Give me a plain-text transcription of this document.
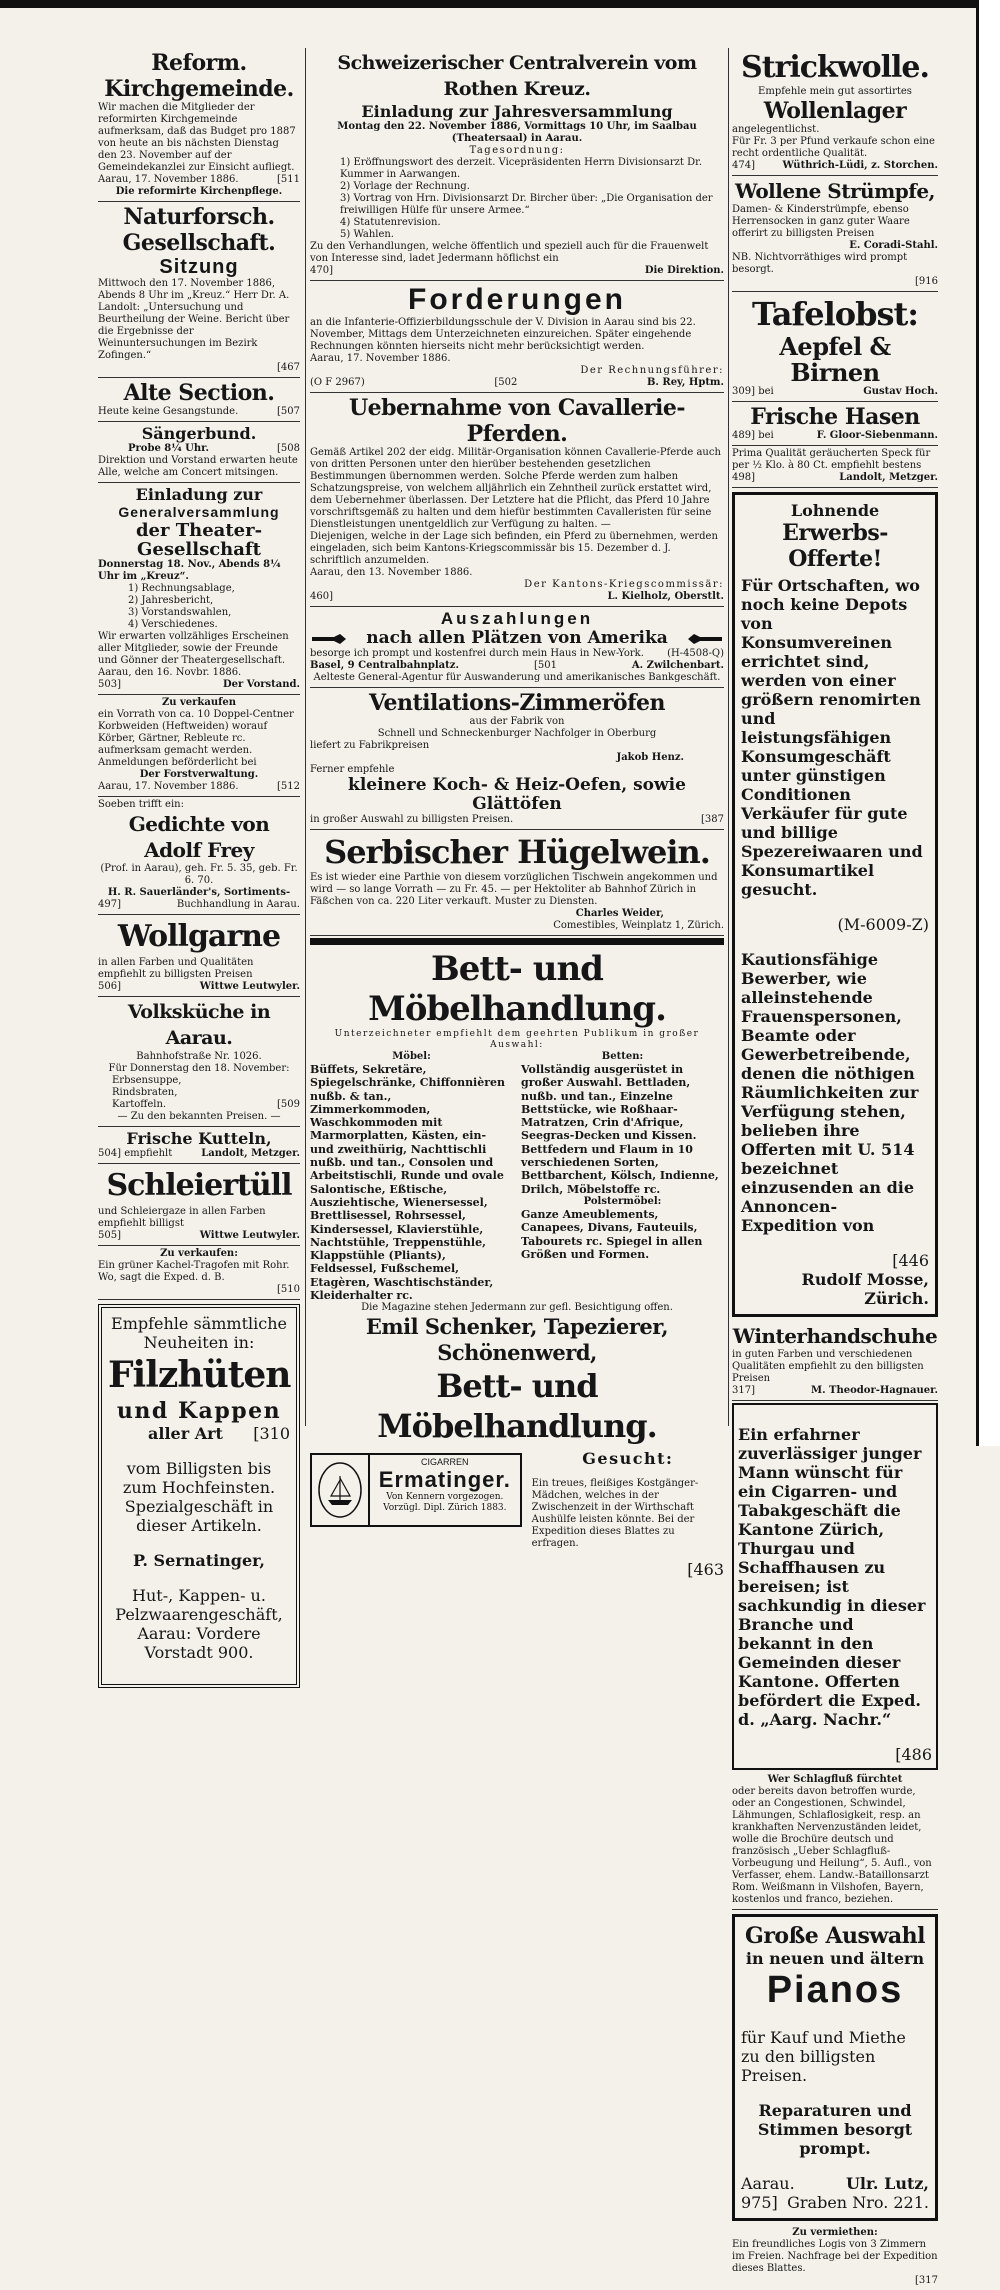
Reform. Kirchgemeinde.

Wir machen die Mitglieder der reformirten Kirchgemeinde aufmerksam, daß das Budget pro 1887 von heute an bis nächsten Dienstag den 23. November auf der Gemeindekanzlei zur Einsicht aufliegt.

Aarau, 17. November 1886.	[511
Die reformirte Kirchenpflege.
Naturforsch. Gesellschaft.
Sitzung

Mittwoch den 17. November 1886, Abends 8 Uhr im „Kreuz.“ Herr Dr. A. Landolt: „Untersuchung und Beurtheilung der Weine. Bericht über die Ergebnisse der Weinuntersuchungen im Bezirk Zofingen.“

[467
Alte Section.
Heute keine Gesangstunde.	[507
Sängerbund.
Probe 8¼ Uhr.	[508

Direktion und Vorstand erwarten heute Alle, welche am Concert mitsingen.

Einladung zur
Generalversammlung
der Theater-Gesellschaft

Donnerstag 18. Nov., Abends 8¼ Uhr im „Kreuz“.

1) Rechnungsablage,
2) Jahresbericht,
3) Vorstandswahlen,
4) Verschiedenes.

Wir erwarten vollzähliges Erscheinen aller Mitglieder, sowie der Freunde und Gönner der Theatergesellschaft.

Aarau, den 16. Novbr. 1886.
503]	Der Vorstand.
Zu verkaufen

ein Vorrath von ca. 10 Doppel-Centner Korbweiden (Heftweiden) worauf Körber, Gärtner, Rebleute rc. aufmerksam gemacht werden. Anmeldungen beförderlicht bei

Der Forstverwaltung.
Aarau, 17. November 1886.	[512
Soeben trifft ein:
Gedichte von Adolf Frey

(Prof. in Aarau), geh. Fr. 5. 35, geb. Fr. 6. 70.

H. R. Sauerländer's, Sortiments-
497]	Buchhandlung in Aarau.
Wollgarne

in allen Farben und Qualitäten empfiehlt zu billigsten Preisen

506]	Wittwe Leutwyler.
Volksküche in Aarau.
Bahnhofstraße Nr. 1026.
Für Donnerstag den 18. November:
Erbsensuppe,
Rindsbraten,
Kartoffeln.	[509
— Zu den bekannten Preisen. —
Frische Kutteln,
504] empfiehlt	Landolt, Metzger.
Schleiertüll

und Schleiergaze in allen Farben empfiehlt billigst

505]	Wittwe Leutwyler.
Zu verkaufen:

Ein grüner Kachel-Tragofen mit Rohr. Wo, sagt die Exped. d. B.

[510
Empfehle sämmtliche Neuheiten in:
Filzhüten
und Kappen
aller Art [310

vom Billigsten bis zum Hochfeinsten. Spezialgeschäft in dieser Artikeln.

P. Sernatinger,

Hut-, Kappen- u. Pelzwaarengeschäft, Aarau: Vordere Vorstadt 900.

Schweizerischer Centralverein vom Rothen Kreuz.
Einladung zur Jahresversammlung

Montag den 22. November 1886, Vormittags 10 Uhr, im Saalbau (Theatersaal) in Aarau.

Tagesordnung:
1) Eröffnungswort des derzeit. Vicepräsidenten Herrn Divisionsarzt Dr. Kummer in Aarwangen.
2) Vorlage der Rechnung.
3) Vortrag von Hrn. Divisionsarzt Dr. Bircher über: „Die Organisation der freiwilligen Hülfe für unsere Armee.“
4) Statutenrevision.
5) Wahlen.

Zu den Verhandlungen, welche öffentlich und speziell auch für die Frauenwelt von Interesse sind, ladet Jedermann höflichst ein

470]	Die Direktion.
Forderungen

an die Infanterie-Offizierbildungsschule der V. Division in Aarau sind bis 22. November, Mittags dem Unterzeichneten einzureichen. Später eingehende Rechnungen könnten hierseits nicht mehr berücksichtigt werden.

Aarau, 17. November 1886.
Der Rechnungsführer:
(O F 2967)	[502	B. Rey, Hptm.
Uebernahme von Cavallerie-Pferden.

Gemäß Artikel 202 der eidg. Militär-Organisation können Cavallerie-Pferde auch von dritten Personen unter den hierüber bestehenden gesetzlichen Bestimmungen übernommen werden. Solche Pferde werden zum halben Schatzungspreise, von welchem alljährlich ein Zehntheil zurück erstattet wird, dem Uebernehmer überlassen. Der Letztere hat die Pflicht, das Pferd 10 Jahre vorschriftsgemäß zu halten und dem hiefür bestimmten Cavalleristen für seine Dienstleistungen unentgeldlich zur Verfügung zu halten. —

Diejenigen, welche in der Lage sich befinden, ein Pferd zu übernehmen, werden eingeladen, sich beim Kantons-Kriegscommissär bis 15. Dezember d. J. schriftlich anzumelden.

Aarau, den 13. November 1886.
Der Kantons-Kriegscommissär:
460]	L. Kielholz, Oberstlt.
Auszahlungen
nach allen Plätzen von Amerika
besorge ich prompt und kostenfrei durch mein Haus in New-York. (H-4508-Q)
Basel, 9 Centralbahnplatz.	[501	A. Zwilchenbart.
Aelteste General-Agentur für Auswanderung und amerikanisches Bankgeschäft.
Ventilations-Zimmeröfen
aus der Fabrik von
Schnell und Schneckenburger Nachfolger in Oberburg
liefert zu Fabrikpreisen
Jakob Henz.
Ferner empfehle
kleinere Koch- & Heiz-Oefen, sowie Glättöfen
in großer Auswahl zu billigsten Preisen.	[387
Serbischer Hügelwein.

Es ist wieder eine Parthie von diesem vorzüglichen Tischwein angekommen und wird — so lange Vorrath — zu Fr. 45. — per Hektoliter ab Bahnhof Zürich in Fäßchen von ca. 220 Liter verkauft. Muster zu Diensten.

Charles Weider,
Comestibles, Weinplatz 1, Zürich.
Bett- und Möbelhandlung.
Unterzeichneter empfiehlt dem geehrten Publikum in großer Auswahl:
Möbel:

Büffets, Sekretäre, Spiegelschränke, Chiffonnièren nußb. & tan., Zimmerkommoden, Waschkommoden mit Marmorplatten, Kästen, ein- und zweithürig, Nachttischli nußb. und tan., Consolen und Arbeitstischli, Runde und ovale Salontische, Eßtische, Ausziehtische, Wienersessel, Brettlisessel, Rohrsessel, Kindersessel, Klavierstühle, Nachtstühle, Treppenstühle, Klappstühle (Pliants), Feldsessel, Fußschemel, Etagèren, Waschtischständer, Kleiderhalter rc.

Betten:

Vollständig ausgerüstet in großer Auswahl. Bettladen, nußb. und tan., Einzelne Bettstücke, wie Roßhaar-Matratzen, Crin d'Afrique, Seegras-Decken und Kissen. Bettfedern und Flaum in 10 verschiedenen Sorten, Bettbarchent, Kölsch, Indienne, Drilch, Möbelstoffe rc.

Polstermöbel:

Ganze Ameublements, Canapees, Divans, Fauteuils, Tabourets rc. Spiegel in allen Größen und Formen.

Die Magazine stehen Jedermann zur gefl. Besichtigung offen.
Emil Schenker, Tapezierer, Schönenwerd,
Bett- und Möbelhandlung.
CIGARREN
Ermatinger.
Von Kennern vorgezogen.
Vorzügl. Dipl. Zürich 1883.
Gesucht:

Ein treues, fleißiges Kostgänger-Mädchen, welches in der Zwischenzeit in der Wirthschaft Aushülfe leisten könnte. Bei der Expedition dieses Blattes zu erfragen.

[463
Strickwolle.
Empfehle mein gut assortirtes
Wollenlager
angelegentlichst.

Für Fr. 3 per Pfund verkaufe schon eine recht ordentliche Qualität.

474]	Wüthrich-Lüdi, z. Storchen.
Wollene Strümpfe,

Damen- & Kinderstrümpfe, ebenso Herrensocken in ganz guter Waare offerirt zu billigsten Preisen

E. Coradi-Stahl.

NB. Nichtvorräthiges wird prompt besorgt.

[916
Tafelobst:
Aepfel & Birnen
309] bei	Gustav Hoch.
Frische Hasen
489] bei	F. Gloor-Siebenmann.

Prima Qualität geräucherten Speck für per ½ Klo. à 80 Ct. empfiehlt bestens

498]	Landolt, Metzger.
Lohnende
Erwerbs-Offerte!

Für Ortschaften, wo noch keine Depots von Konsumvereinen errichtet sind, werden von einer größern renomirten und leistungsfähigen Konsumgeschäft unter günstigen Conditionen Verkäufer für gute und billige Spezereiwaaren und Konsumartikel gesucht.

(M-6009-Z)

Kautionsfähige Bewerber, wie alleinstehende Frauenspersonen, Beamte oder Gewerbetreibende, denen die nöthigen Räumlichkeiten zur Verfügung stehen, belieben ihre Offerten mit U. 514 bezeichnet einzusenden an die Annoncen-Expedition von

[446
Rudolf Mosse, Zürich.
Winterhandschuhe

in guten Farben und verschiedenen Qualitäten empfiehlt zu den billigsten Preisen

317]	M. Theodor-Hagnauer.

Ein erfahrner zuverlässiger junger Mann wünscht für ein Cigarren- und Tabakgeschäft die Kantone Zürich, Thurgau und Schaffhausen zu bereisen; ist sachkundig in dieser Branche und bekannt in den Gemeinden dieser Kantone. Offerten befördert die Exped. d. „Aarg. Nachr.“

[486
Wer Schlagfluß fürchtet

oder bereits davon betroffen wurde, oder an Congestionen, Schwindel, Lähmungen, Schlaflosigkeit, resp. an krankhaften Nervenzuständen leidet, wolle die Brochüre deutsch und französisch „Ueber Schlagfluß-Vorbeugung und Heilung“, 5. Aufl., von Verfasser, ehem. Landw.-Bataillonsarzt Rom. Weißmann in Vilshofen, Bayern, kostenlos und franco, beziehen.

Große Auswahl
in neuen und ältern
Pianos

für Kauf und Miethe zu den billigsten Preisen.

Reparaturen und Stimmen besorgt prompt.

Aarau.	Ulr. Lutz,
975] Graben Nro. 221.
Zu vermiethen:

Ein freundliches Logis von 3 Zimmern im Freien. Nachfrage bei der Expedition dieses Blattes.

[317
